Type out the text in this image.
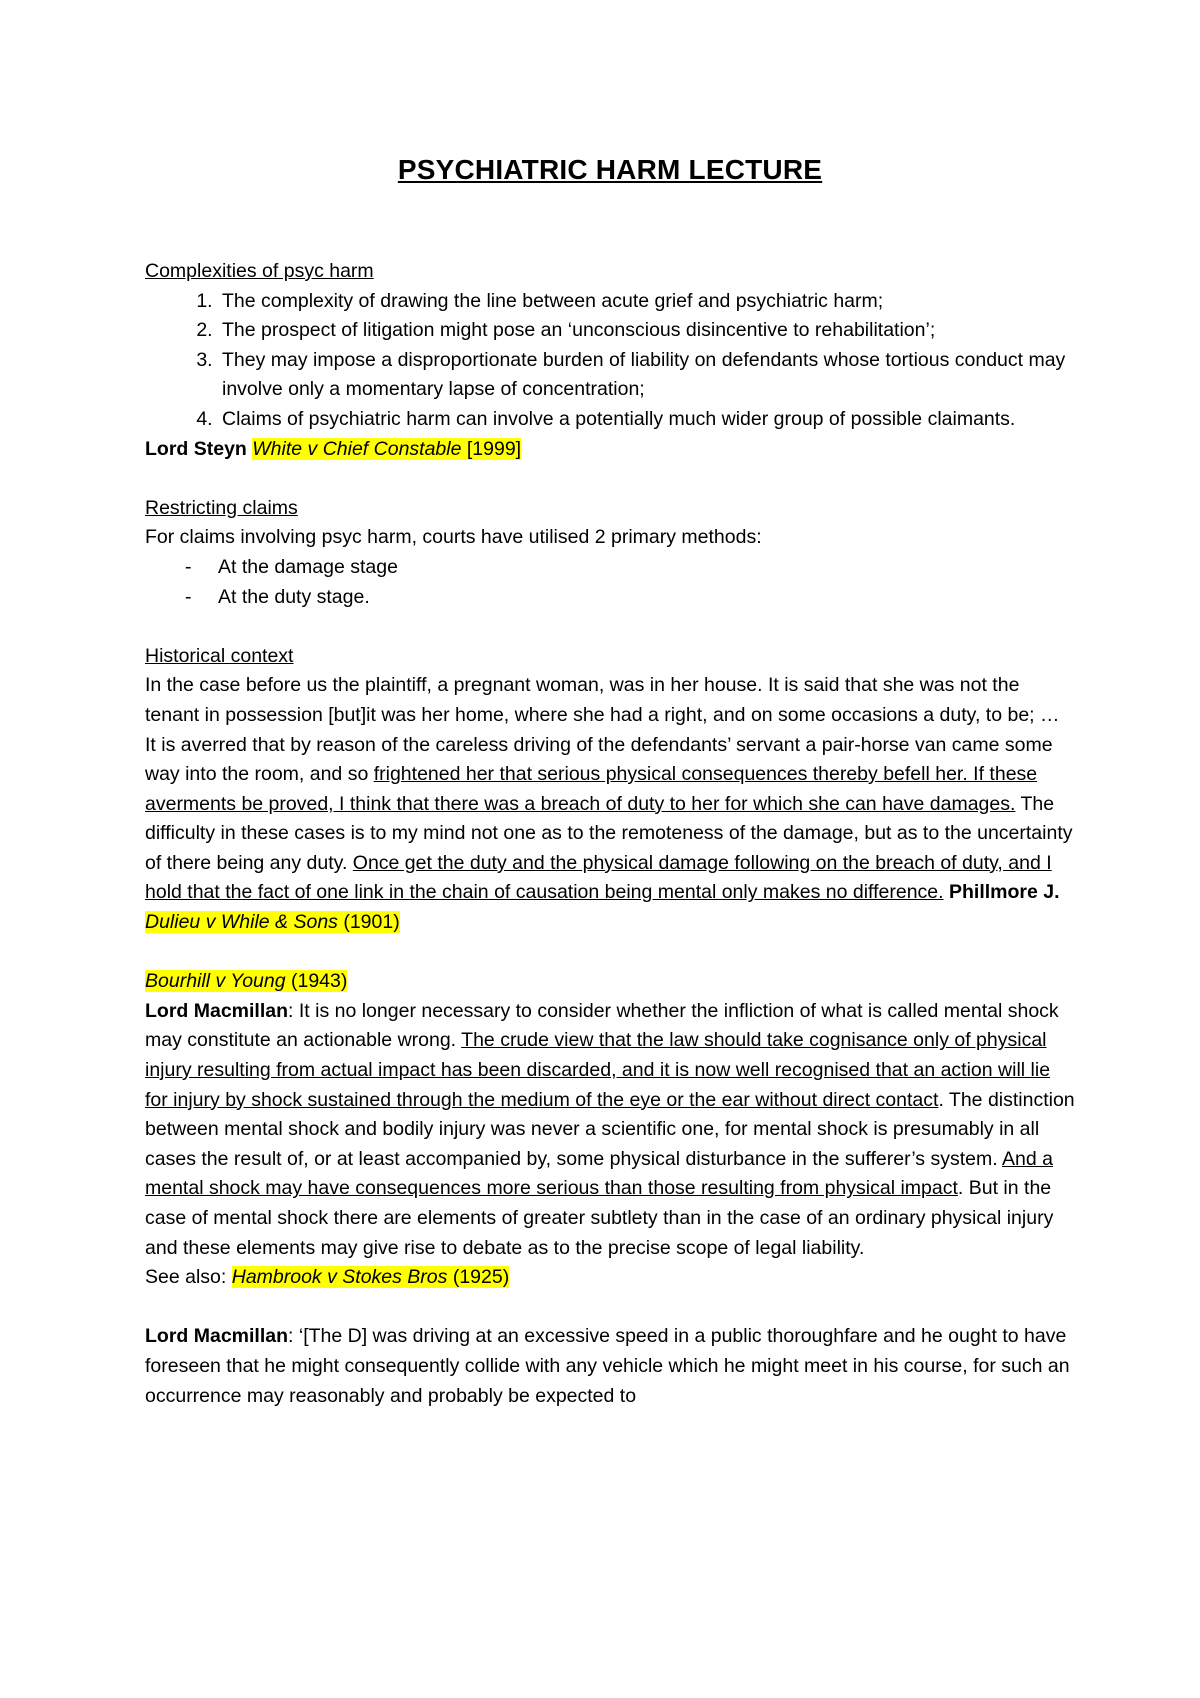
PSYCHIATRIC HARM LECTURE
Complexities of psyc harm
1. The complexity of drawing the line between acute grief and psychiatric harm;
2. The prospect of litigation might pose an ‘unconscious disincentive to rehabilitation’;
3. They may impose a disproportionate burden of liability on defendants whose tortious conduct may involve only a momentary lapse of concentration;
4. Claims of psychiatric harm can involve a potentially much wider group of possible claimants.
Lord Steyn White v Chief Constable [1999]
Restricting claims
For claims involving psyc harm, courts have utilised 2 primary methods:
- At the damage stage
- At the duty stage.
Historical context
In the case before us the plaintiff, a pregnant woman, was in her house. It is said that she was not the tenant in possession [but]it was her home, where she had a right, and on some occasions a duty, to be; … It is averred that by reason of the careless driving of the defendants’ servant a pair-horse van came some way into the room, and so frightened her that serious physical consequences thereby befell her. If these averments be proved, I think that there was a breach of duty to her for which she can have damages. The difficulty in these cases is to my mind not one as to the remoteness of the damage, but as to the uncertainty of there being any duty. Once get the duty and the physical damage following on the breach of duty, and I hold that the fact of one link in the chain of causation being mental only makes no difference. Phillmore J. Dulieu v While & Sons (1901)
Bourhill v Young (1943)
Lord Macmillan: It is no longer necessary to consider whether the infliction of what is called mental shock may constitute an actionable wrong. The crude view that the law should take cognisance only of physical injury resulting from actual impact has been discarded, and it is now well recognised that an action will lie for injury by shock sustained through the medium of the eye or the ear without direct contact. The distinction between mental shock and bodily injury was never a scientific one, for mental shock is presumably in all cases the result of, or at least accompanied by, some physical disturbance in the sufferer’s system. And a mental shock may have consequences more serious than those resulting from physical impact. But in the case of mental shock there are elements of greater subtlety than in the case of an ordinary physical injury and these elements may give rise to debate as to the precise scope of legal liability.
See also: Hambrook v Stokes Bros (1925)
Lord Macmillan: ‘[The D] was driving at an excessive speed in a public thoroughfare and he ought to have foreseen that he might consequently collide with any vehicle which he might meet in his course, for such an occurrence may reasonably and probably be expected to
